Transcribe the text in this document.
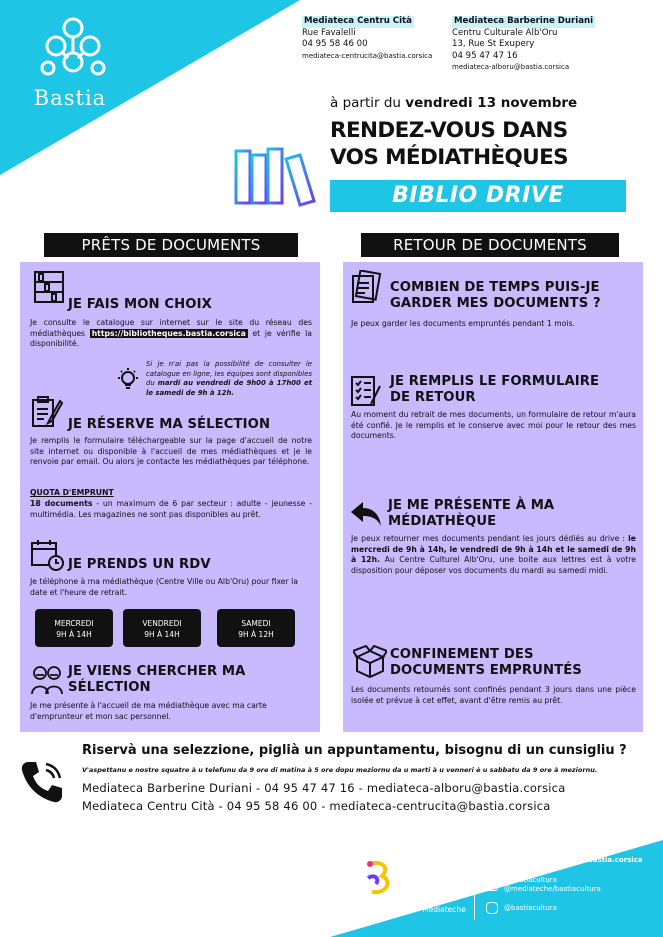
Bastia
Mediateca Centru Cità
Rue Favalelli
04 95 58 46 00
mediateca-centrucita@bastia.corsica
Mediateca Barberine Duriani
Centru Culturale Alb'Oru
13, Rue St Exupery
04 95 47 47 16
mediateca-alboru@bastia.corsica
à partir du vendredi 13 novembre
RENDEZ-VOUS DANS
VOS MÉDIATHÈQUES
BIBLIO DRIVE
PRÊTS DE DOCUMENTS	RETOUR DE DOCUMENTS
JE FAIS MON CHOIX
Je consulte le catalogue sur internet sur le site du réseau des médiathèques https://bibliotheques.bastia.corsica et je vérifie la disponibilité.
Si je n'ai pas la possibilité de consulter le catalogue en ligne, les équipes sont disponibles du mardi au vendredi de 9h00 à 17h00 et le samedi de 9h à 12h.
JE RÉSERVE MA SÉLECTION
Je remplis le formulaire téléchargeable sur la page d'accueil de notre site internet ou disponible à l'accueil de mes médiathèques et je le renvoie par email. Ou alors je contacte les médiathèques par téléphone.
QUOTA D'EMPRUNT
18 documents - un maximum de 6 par secteur : adulte - jeunesse - multimédia. Les magazines ne sont pas disponibles au prêt.
JE PRENDS UN RDV
Je téléphone à ma médiathèque (Centre Ville ou Alb'Oru) pour fixer la date et l'heure de retrait.
MERCREDI
9H À 14H
VENDREDI
9H À 14H
SAMEDI
9H À 12H
JE VIENS CHERCHER MA
SÉLECTION
Je me présente à l'accueil de ma médiathèque avec ma carte d'emprunteur et mon sac personnel.
COMBIEN DE TEMPS PUIS-JE
GARDER MES DOCUMENTS ?
Je peux garder les documents empruntés pendant 1 mois.
JE REMPLIS LE FORMULAIRE
DE RETOUR
Au moment du retrait de mes documents, un formulaire de retour m'aura été confié. Je le remplis et le conserve avec moi pour le retour des mes documents.
JE ME PRÉSENTE À MA
MÉDIATHÈQUE
Je peux retourner mes documents pendant les jours dédiés au drive : le mercredi de 9h à 14h, le vendredi de 9h à 14h et le samedi de 9h à 12h. Au Centre Culturel Alb'Oru, une boite aux lettres est à votre disposition pour déposer vos documents du mardi au samedi midi.
CONFINEMENT DES
DOCUMENTS EMPRUNTÉS
Les documents retournés sont confinés pendant 3 jours dans une pièce isolée et prévue à cet effet, avant d'être remis au prêt.
Riservà una selezzione, piglià un appuntamentu, bisognu di un cunsigliu ?
V'aspettanu e nostre squatre à u telefunu da 9 ore di matina à 5 ore dopu meziornu da u marti à u venneri è u sabbatu da 9 ore à meziornu.
Mediateca Barberine Duriani - 04 95 47 47 16 - mediateca-alboru@bastia.corsica
Mediateca Centru Cità - 04 95 58 46 00 - mediateca-centrucita@bastia.corsica
BastiaCultura	Mediateche
Site : https://bibliotheques.bastia.corsica
@bastiacultura
@mediateche/bastiacultura
@bastiacultura
